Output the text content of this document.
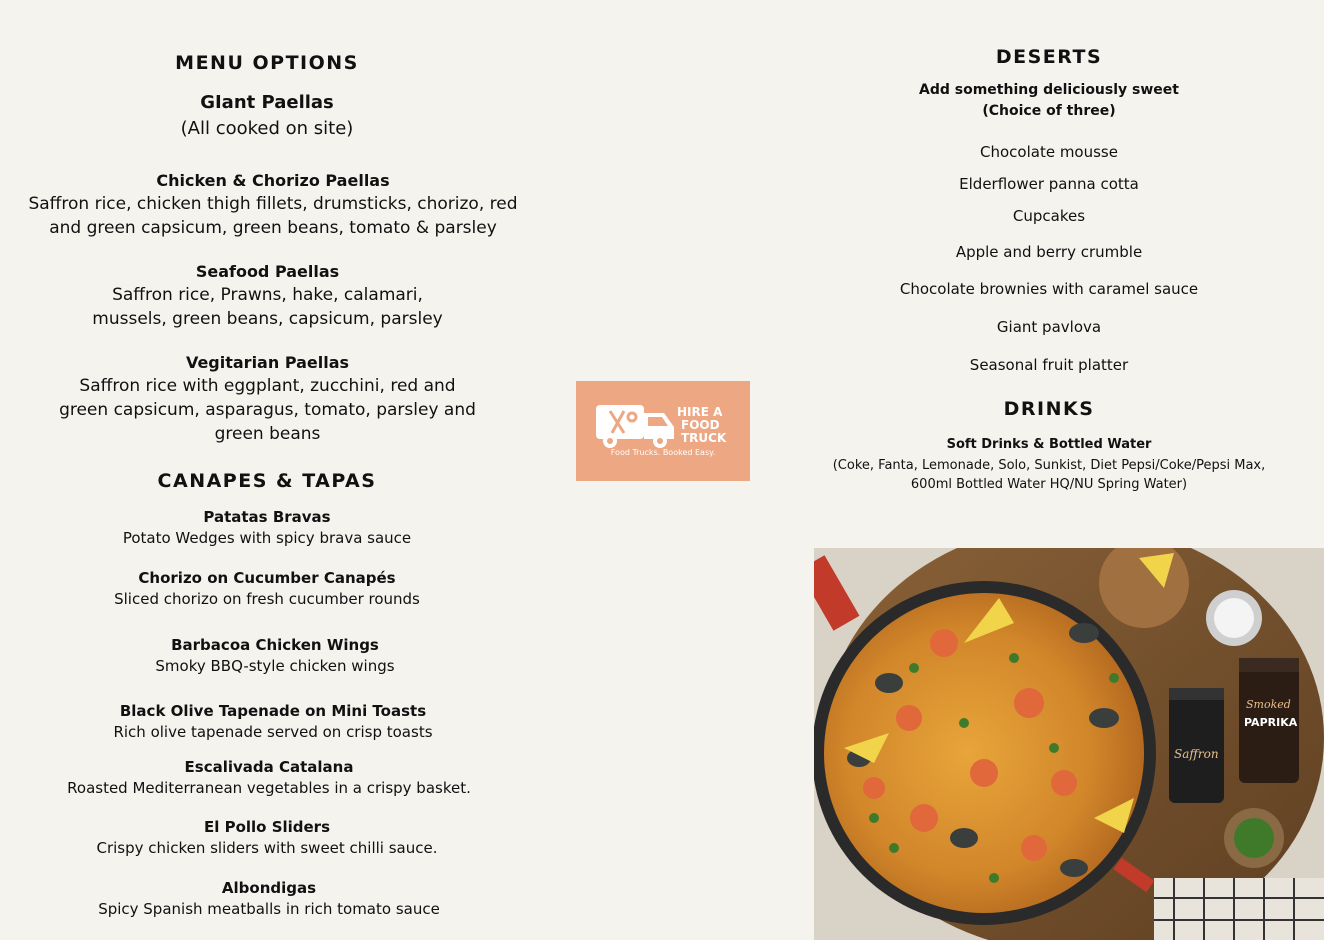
MENU OPTIONS
GIant Paellas
(All cooked on site)
Chicken & Chorizo Paellas
Saffron rice, chicken thigh fillets, drumsticks, chorizo, red and green capsicum, green beans, tomato & parsley
Seafood Paellas
Saffron rice, Prawns, hake, calamari, mussels, green beans, capsicum, parsley
Vegitarian Paellas
Saffron rice with eggplant, zucchini, red and green capsicum, asparagus, tomato, parsley and green beans
CANAPES & TAPAS
Patatas Bravas
Potato Wedges with spicy brava sauce
Chorizo on Cucumber Canapés
Sliced chorizo on fresh cucumber rounds
Barbacoa Chicken Wings
Smoky BBQ-style chicken wings
Black Olive Tapenade on Mini Toasts
Rich olive tapenade served on crisp toasts
Escalivada Catalana
Roasted Mediterranean vegetables in a crispy basket.
El Pollo Sliders
Crispy chicken sliders with sweet chilli sauce.
Albondigas
Spicy Spanish meatballs in rich tomato sauce
HIRE A
FOOD
TRUCK
Food Trucks. Booked Easy.
DESERTS
Add something deliciously sweet
(Choice of three)
Chocolate mousse
Elderflower panna cotta
Cupcakes
Apple and berry crumble
Chocolate brownies with caramel sauce
Giant pavlova
Seasonal fruit platter
DRINKS
Soft Drinks & Bottled Water
(Coke, Fanta, Lemonade, Solo, Sunkist, Diet Pepsi/Coke/Pepsi Max, 600ml Bottled Water HQ/NU Spring Water)
Smoked
PAPRIKA
Saffron
